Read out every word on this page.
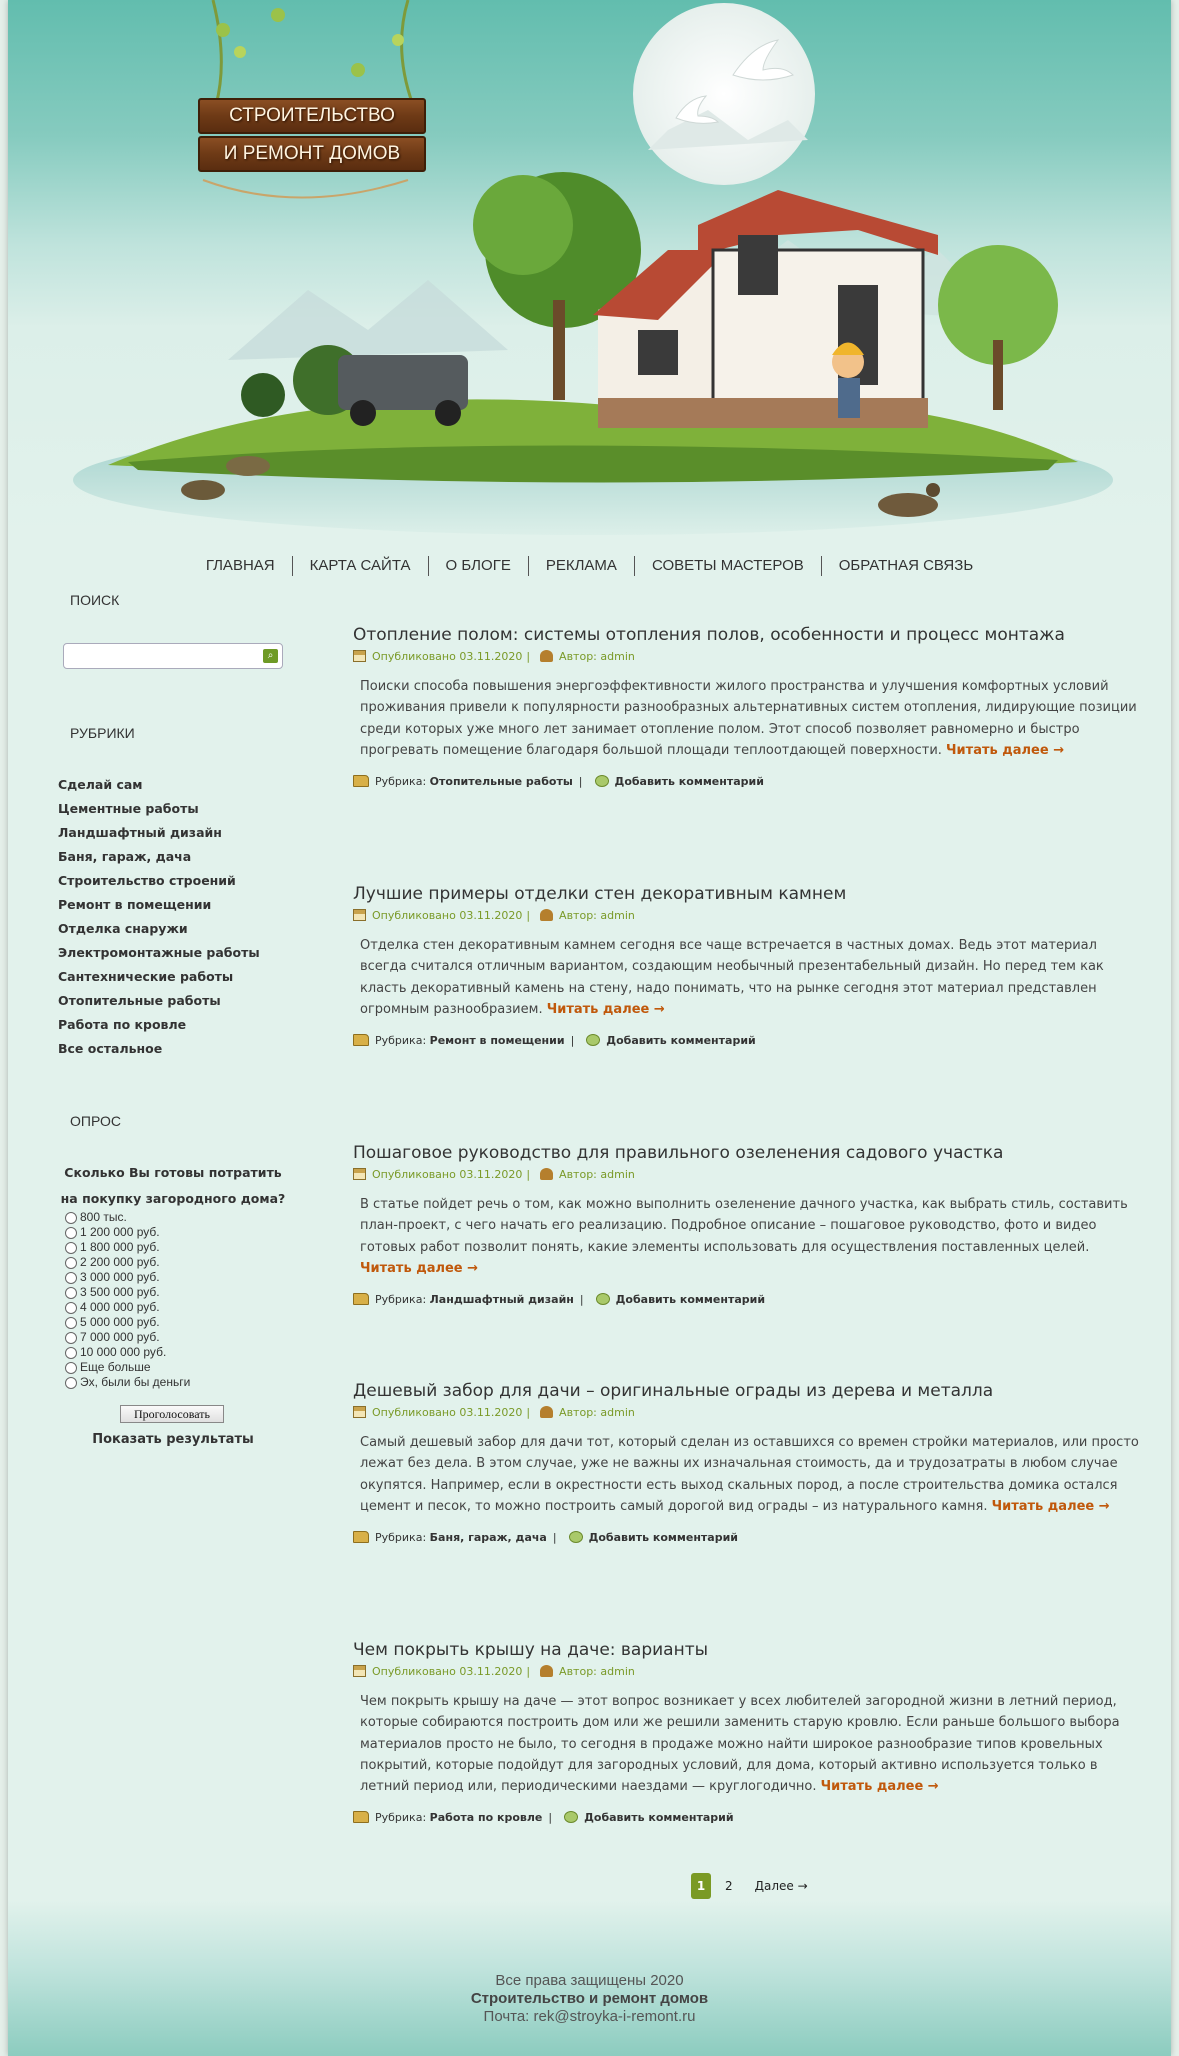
СТРОИТЕЛЬСТВО
И РЕМОНТ ДОМОВ
ГЛАВНАЯ	КАРТА САЙТА	О БЛОГЕ	РЕКЛАМА	СОВЕТЫ МАСТЕРОВ	ОБРАТНАЯ СВЯЗЬ
ПОИСК
⌕
РУБРИКИ
Сделай сам
Цементные работы
Ландшафтный дизайн
Баня, гараж, дача
Строительство строений
Ремонт в помещении
Отделка снаружи
Электромонтажные работы
Сантехнические работы
Отопительные работы
Работа по кровле
Все остальное
ОПРОС
Сколько Вы готовы потратить на покупку загородного дома?
800 тыс.
1 200 000 руб.
1 800 000 руб.
2 200 000 руб.
3 000 000 руб.
3 500 000 руб.
4 000 000 руб.
5 000 000 руб.
7 000 000 руб.
10 000 000 руб.
Еще больше
Эх, были бы деньги
Проголосовать
Показать результаты
Отопление полом: системы отопления полов, особенности и процесс монтажа
Опубликовано
03.11.2020 |	Автор:
admin

Поиски способа повышения энергоэффективности жилого пространства и улучшения комфортных условий проживания привели к популярности разнообразных альтернативных систем отопления, лидирующие позиции среди которых уже много лет занимает отопление полом. Этот способ позволяет равномерно и быстро прогревать помещение благодаря большой площади теплоотдающей поверхности. Читать далее →

Рубрика:
Отопительные работы |	Добавить комментарий
Лучшие примеры отделки стен декоративным камнем
Опубликовано
03.11.2020 |	Автор:
admin

Отделка стен декоративным камнем сегодня все чаще встречается в частных домах. Ведь этот материал всегда считался отличным вариантом, создающим необычный презентабельный дизайн. Но перед тем как класть декоративный камень на стену, надо понимать, что на рынке сегодня этот материал представлен огромным разнообразием. Читать далее →

Рубрика:
Ремонт в помещении |	Добавить комментарий
Пошаговое руководство для правильного озеленения садового участка
Опубликовано
03.11.2020 |	Автор:
admin

В статье пойдет речь о том, как можно выполнить озеленение дачного участка, как выбрать стиль, составить план-проект, с чего начать его реализацию. Подробное описание – пошаговое руководство, фото и видео готовых работ позволит понять, какие элементы использовать для осуществления поставленных целей. Читать далее →

Рубрика:
Ландшафтный дизайн |	Добавить комментарий
Дешевый забор для дачи – оригинальные ограды из дерева и металла
Опубликовано
03.11.2020 |	Автор:
admin

Самый дешевый забор для дачи тот, который сделан из оставшихся со времен стройки материалов, или просто лежат без дела. В этом случае, уже не важны их изначальная стоимость, да и трудозатраты в любом случае окупятся. Например, если в окрестности есть выход скальных пород, а после строительства домика остался цемент и песок, то можно построить самый дорогой вид ограды – из натурального камня. Читать далее →

Рубрика:
Баня, гараж, дача |	Добавить комментарий
Чем покрыть крышу на даче: варианты
Опубликовано
03.11.2020 |	Автор:
admin

Чем покрыть крышу на даче — этот вопрос возникает у всех любителей загородной жизни в летний период, которые собираются построить дом или же решили заменить старую кровлю. Если раньше большого выбора материалов просто не было, то сегодня в продаже можно найти широкое разнообразие типов кровельных покрытий, которые подойдут для загородных условий, для дома, который активно используется только в летний период или, периодическими наездами — круглогодично. Читать далее →

Рубрика:
Работа по кровле |	Добавить комментарий
1	2 Далее →
Все права защищены 2020
Строительство и ремонт домов
Почта: rek@stroyka-i-remont.ru
